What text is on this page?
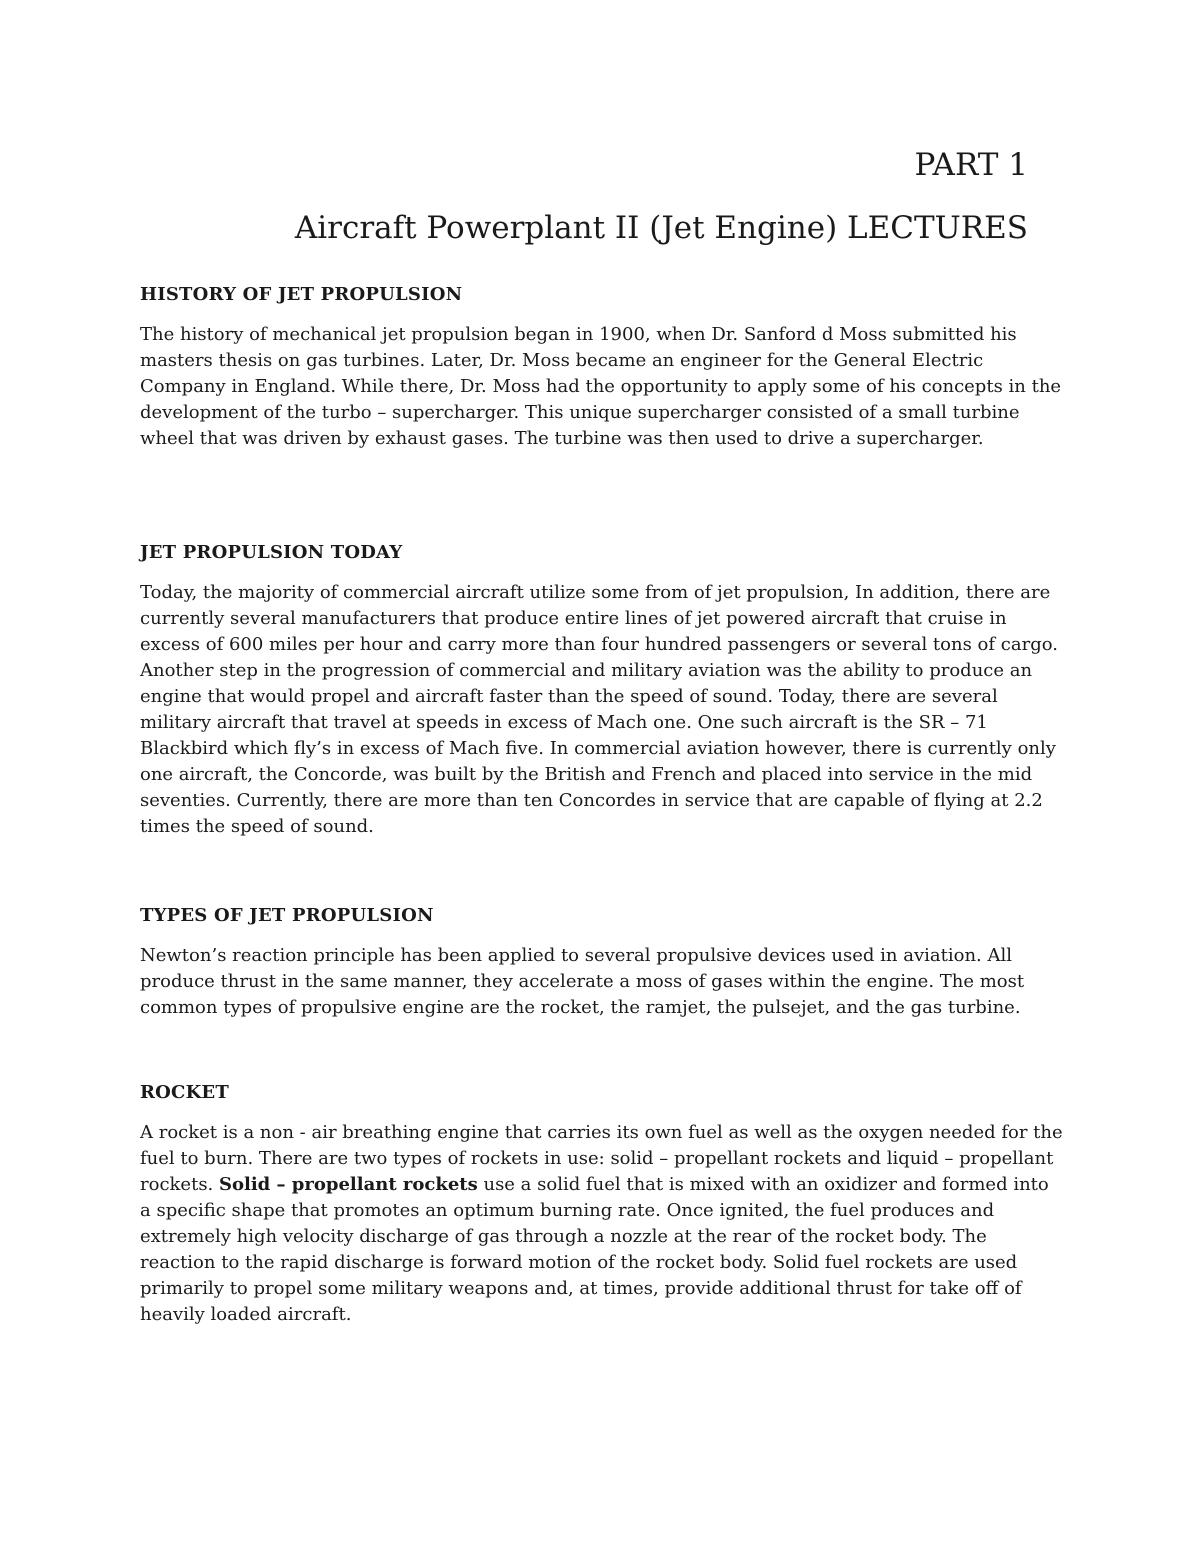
PART 1
Aircraft Powerplant II (Jet Engine) LECTURES
HISTORY OF JET PROPULSION

The history of mechanical jet propulsion began in 1900, when Dr. Sanford d Moss submitted his masters thesis on gas turbines. Later, Dr. Moss became an engineer for the General Electric Company in England. While there, Dr. Moss had the opportunity to apply some of his concepts in the development of the turbo – supercharger. This unique supercharger consisted of a small turbine wheel that was driven by exhaust gases. The turbine was then used to drive a supercharger.

JET PROPULSION TODAY

Today, the majority of commercial aircraft utilize some from of jet propulsion, In addition, there are currently several manufacturers that produce entire lines of jet powered aircraft that cruise in excess of 600 miles per hour and carry more than four hundred passengers or several tons of cargo. Another step in the progression of commercial and military aviation was the ability to produce an engine that would propel and aircraft faster than the speed of sound. Today, there are several military aircraft that travel at speeds in excess of Mach one. One such aircraft is the SR – 71 Blackbird which fly’s in excess of Mach five. In commercial aviation however, there is currently only one aircraft, the Concorde, was built by the British and French and placed into service in the mid seventies. Currently, there are more than ten Concordes in service that are capable of flying at 2.2 times the speed of sound.

TYPES OF JET PROPULSION

Newton’s reaction principle has been applied to several propulsive devices used in aviation. All produce thrust in the same manner, they accelerate a moss of gases within the engine. The most common types of propulsive engine are the rocket, the ramjet, the pulsejet, and the gas turbine.

ROCKET

A rocket is a non - air breathing engine that carries its own fuel as well as the oxygen needed for the fuel to burn. There are two types of rockets in use: solid – propellant rockets and liquid – propellant rockets. Solid – propellant rockets use a solid fuel that is mixed with an oxidizer and formed into a specific shape that promotes an optimum burning rate. Once ignited, the fuel produces and extremely high velocity discharge of gas through a nozzle at the rear of the rocket body. The reaction to the rapid discharge is forward motion of the rocket body. Solid fuel rockets are used primarily to propel some military weapons and, at times, provide additional thrust for take off of heavily loaded aircraft.
